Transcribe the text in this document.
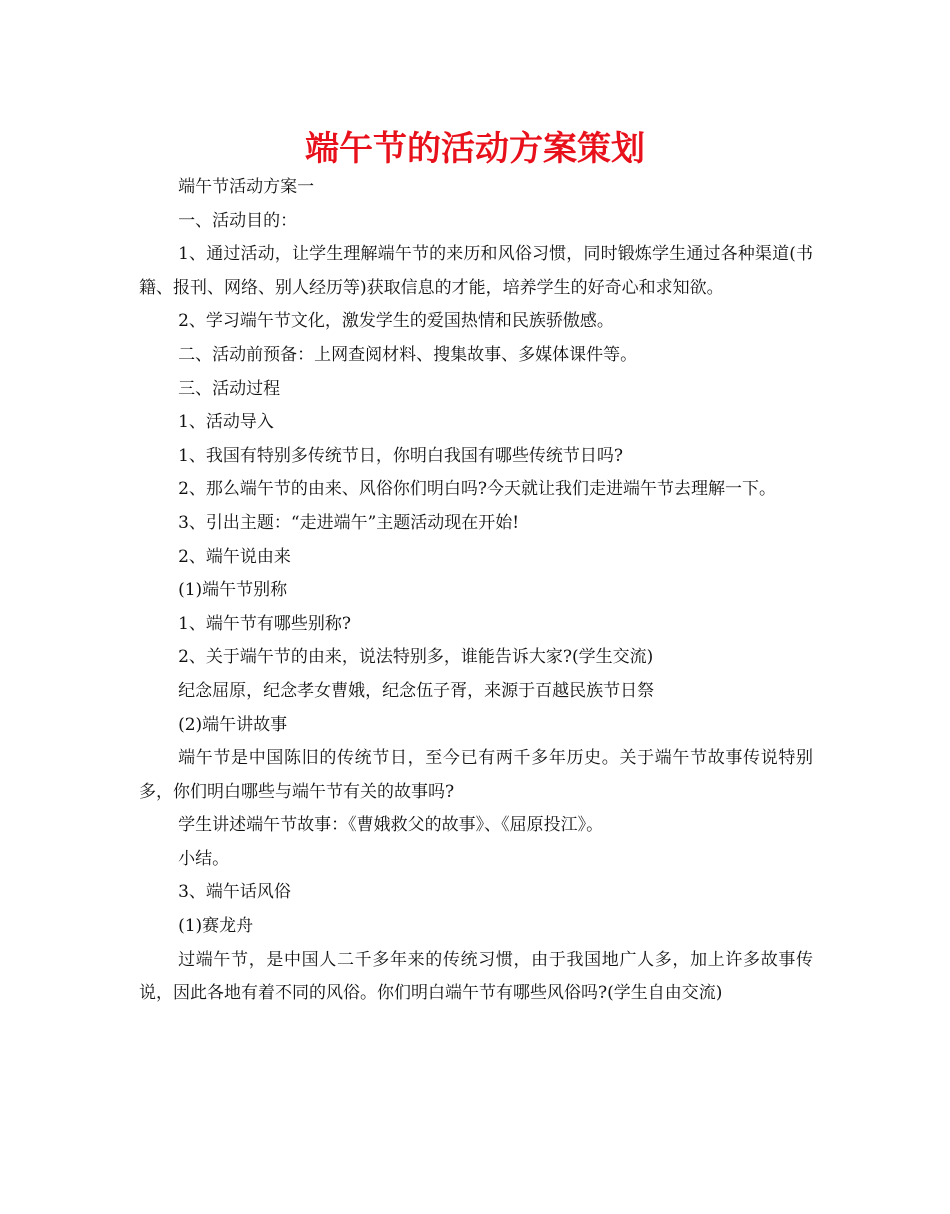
端午节的活动方案策划

端午节活动方案一

一、活动目的：

1、通过活动，让学生理解端午节的来历和风俗习惯，同时锻炼学生通过各种渠道(书籍、报刊、网络、别人经历等)获取信息的才能，培养学生的好奇心和求知欲。

2、学习端午节文化，激发学生的爱国热情和民族骄傲感。

二、活动前预备：上网查阅材料、搜集故事、多媒体课件等。

三、活动过程

1、活动导入

1、我国有特别多传统节日，你明白我国有哪些传统节日吗?

2、那么端午节的由来、风俗你们明白吗?今天就让我们走进端午节去理解一下。

3、引出主题：“走进端午”主题活动现在开始!

2、端午说由来

(1)端午节别称

1、端午节有哪些别称?

2、关于端午节的由来，说法特别多，谁能告诉大家?(学生交流)

纪念屈原，纪念孝女曹娥，纪念伍子胥，来源于百越民族节日祭

(2)端午讲故事

端午节是中国陈旧的传统节日，至今已有两千多年历史。关于端午节故事传说特别多，你们明白哪些与端午节有关的故事吗?

学生讲述端午节故事：《曹娥救父的故事》、《屈原投江》。

小结。

3、端午话风俗

(1)赛龙舟

过端午节，是中国人二千多年来的传统习惯，由于我国地广人多，加上许多故事传说，因此各地有着不同的风俗。你们明白端午节有哪些风俗吗?(学生自由交流)
